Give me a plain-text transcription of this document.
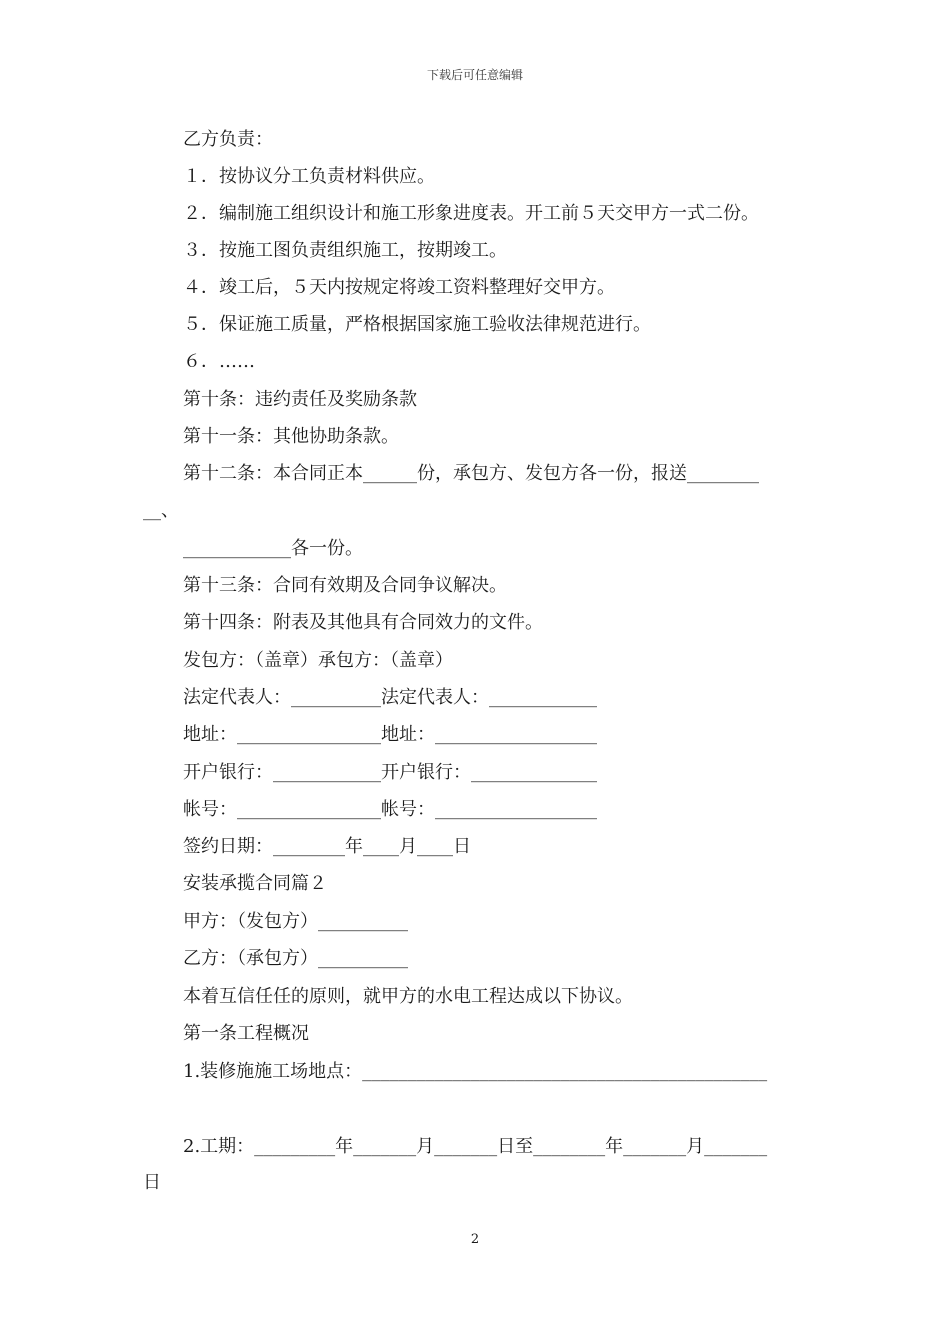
下载后可任意编辑
乙方负责：
１．按协议分工负责材料供应。
２．编制施工组织设计和施工形象进度表。开工前５天交甲方一式二份。
３．按施工图负责组织施工，按期竣工。
４．竣工后，５天内按规定将竣工资料整理好交甲方。
５．保证施工质量，严格根据国家施工验收法律规范进行。
６．……
第十条：违约责任及奖励条款
第十一条：其他协助条款。
第十二条：本合同正本______份，承包方、发包方各一份，报送________
__、
____________各一份。
第十三条：合同有效期及合同争议解决。
第十四条：附表及其他具有合同效力的文件。
发包方：（盖章）承包方：（盖章）
法定代表人：__________法定代表人：____________
地址：________________地址：__________________
开户银行：____________开户银行：______________
帐号：________________帐号：__________________
签约日期：________年____月____日
安装承揽合同篇２
甲方：（发包方）__________
乙方：（承包方）__________
本着互信任任的原则，就甲方的水电工程达成以下协议。
第一条工程概况
1.装修施施工场地点：_____________________________________________
2.工期：_________年_______月_______日至________年_______月_______
日
2
